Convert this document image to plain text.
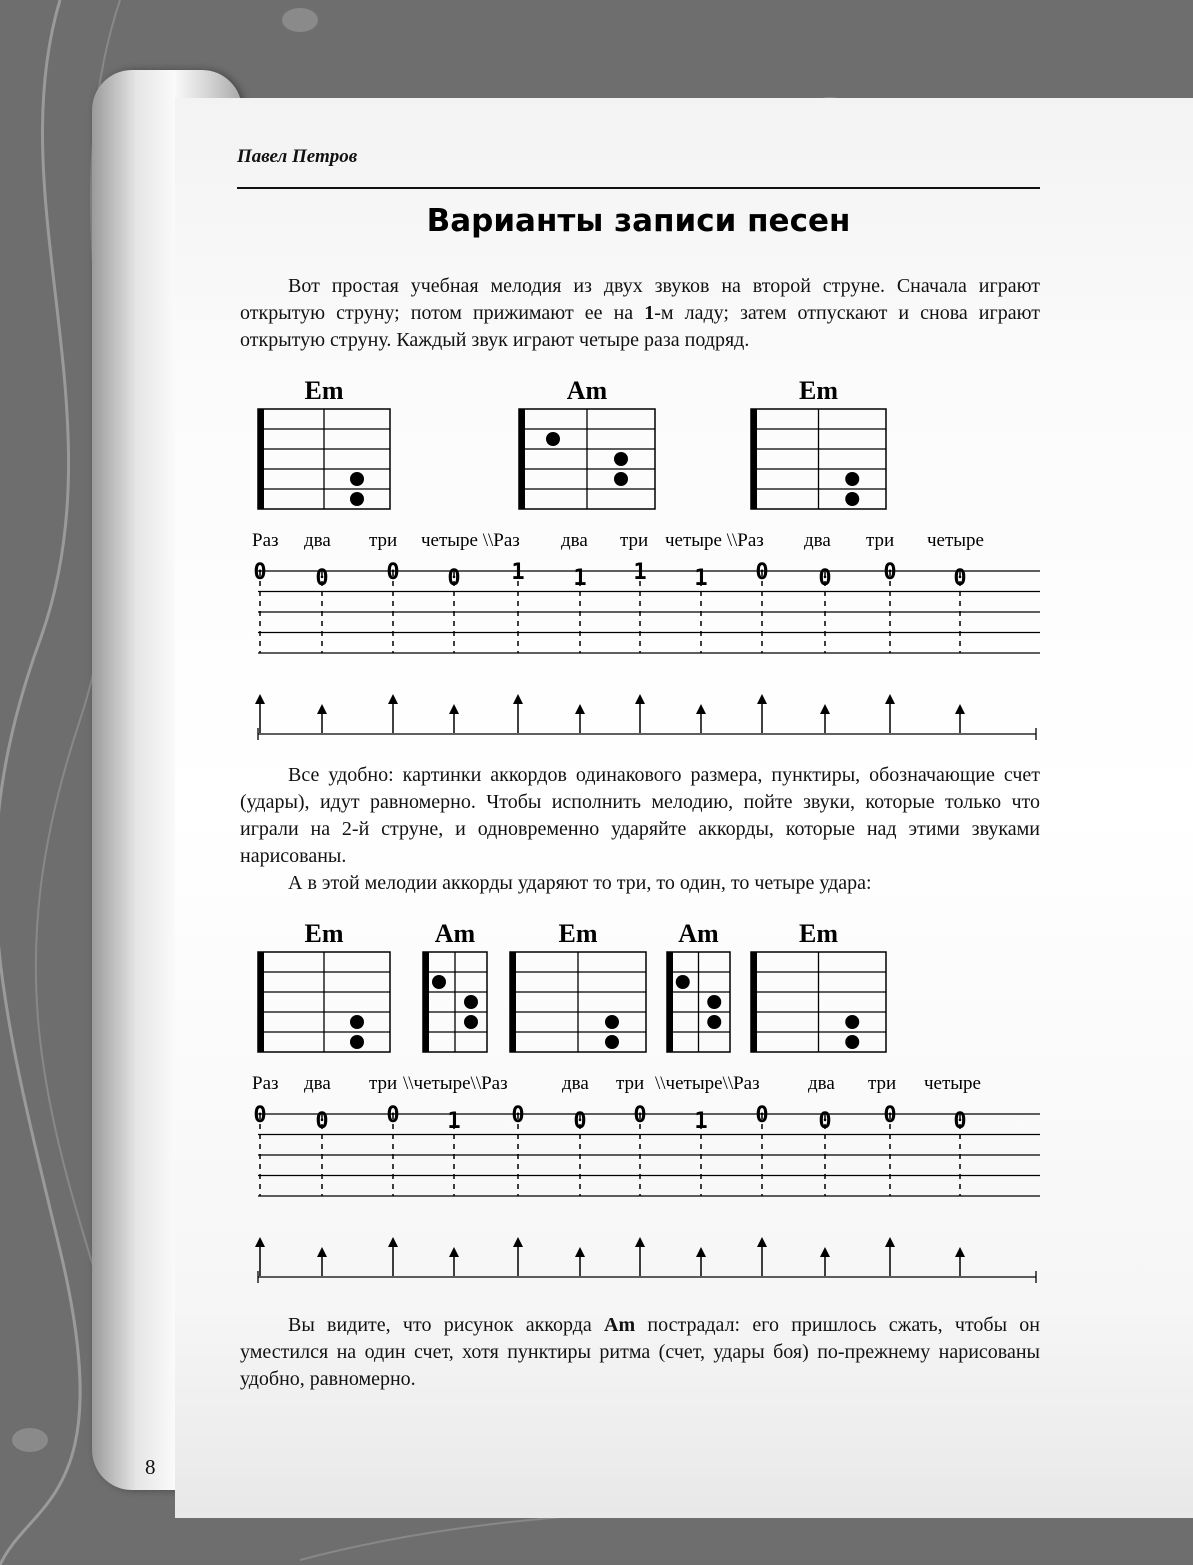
Павел Петров
Варианты записи песен
Вот простая учебная мелодия из двух звуков на второй струне. Сначала играют открытую струну; потом прижимают ее на 1-м ладу; затем отпускают и снова играют открытую струну. Каждый звук играют четыре раза подряд.
Все удобно: картинки аккордов одинакового размера, пунктиры, обозначающие счет (удары), идут равномерно. Чтобы исполнить мелодию, пойте звуки, которые только что играли на 2-й струне, и одновременно ударяйте аккорды, которые над этими звуками нарисованы.
А в этой мелодии аккорды ударяют то три, то один, то четыре удара:
Вы видите, что рисунок аккорда Am пострадал: его пришлось сжать, чтобы он уместился на один счет, хотя пунктиры ритма (счет, удары боя) по-прежнему нарисованы удобно, равномерно.
8
Em	Am	Em
Раз два три четыре \\Раз два три четыре \\Раз два три четыре
0 0	0 0 1 1 1 1 0 0 0	0
Em	Am	Em	Am	Em
Раз два три \\четыре\\Раз	два три \\четыре\\Раз	два три четыре
0 0	0 1 0 0 0 1 0 0 0	0
